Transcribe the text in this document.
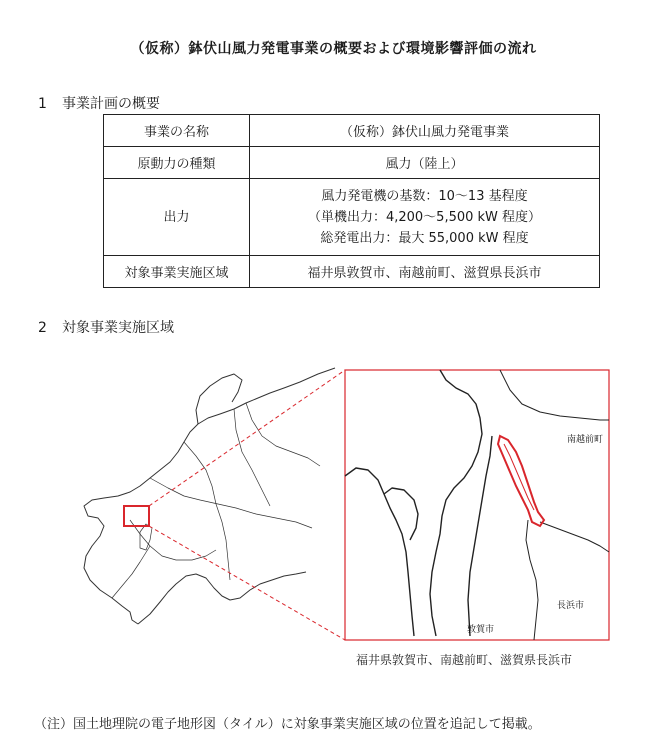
（仮称）鉢伏山風力発電事業の概要および環境影響評価の流れ
1 事業計画の概要
事業の名称	（仮称）鉢伏山風力発電事業
原動力の種類	風力（陸上）
出力	風力発電機の基数：10～13 基程度
（単機出力：4,200～5,500 kW 程度）
総発電出力：最大 55,000 kW 程度

対象事業実施区域	福井県敦賀市、南越前町、滋賀県長浜市
2 対象事業実施区域
南越前町
長浜市
敦賀市
福井県敦賀市、南越前町、滋賀県長浜市
（注）国土地理院の電子地形図（タイル）に対象事業実施区域の位置を追記して掲載。
